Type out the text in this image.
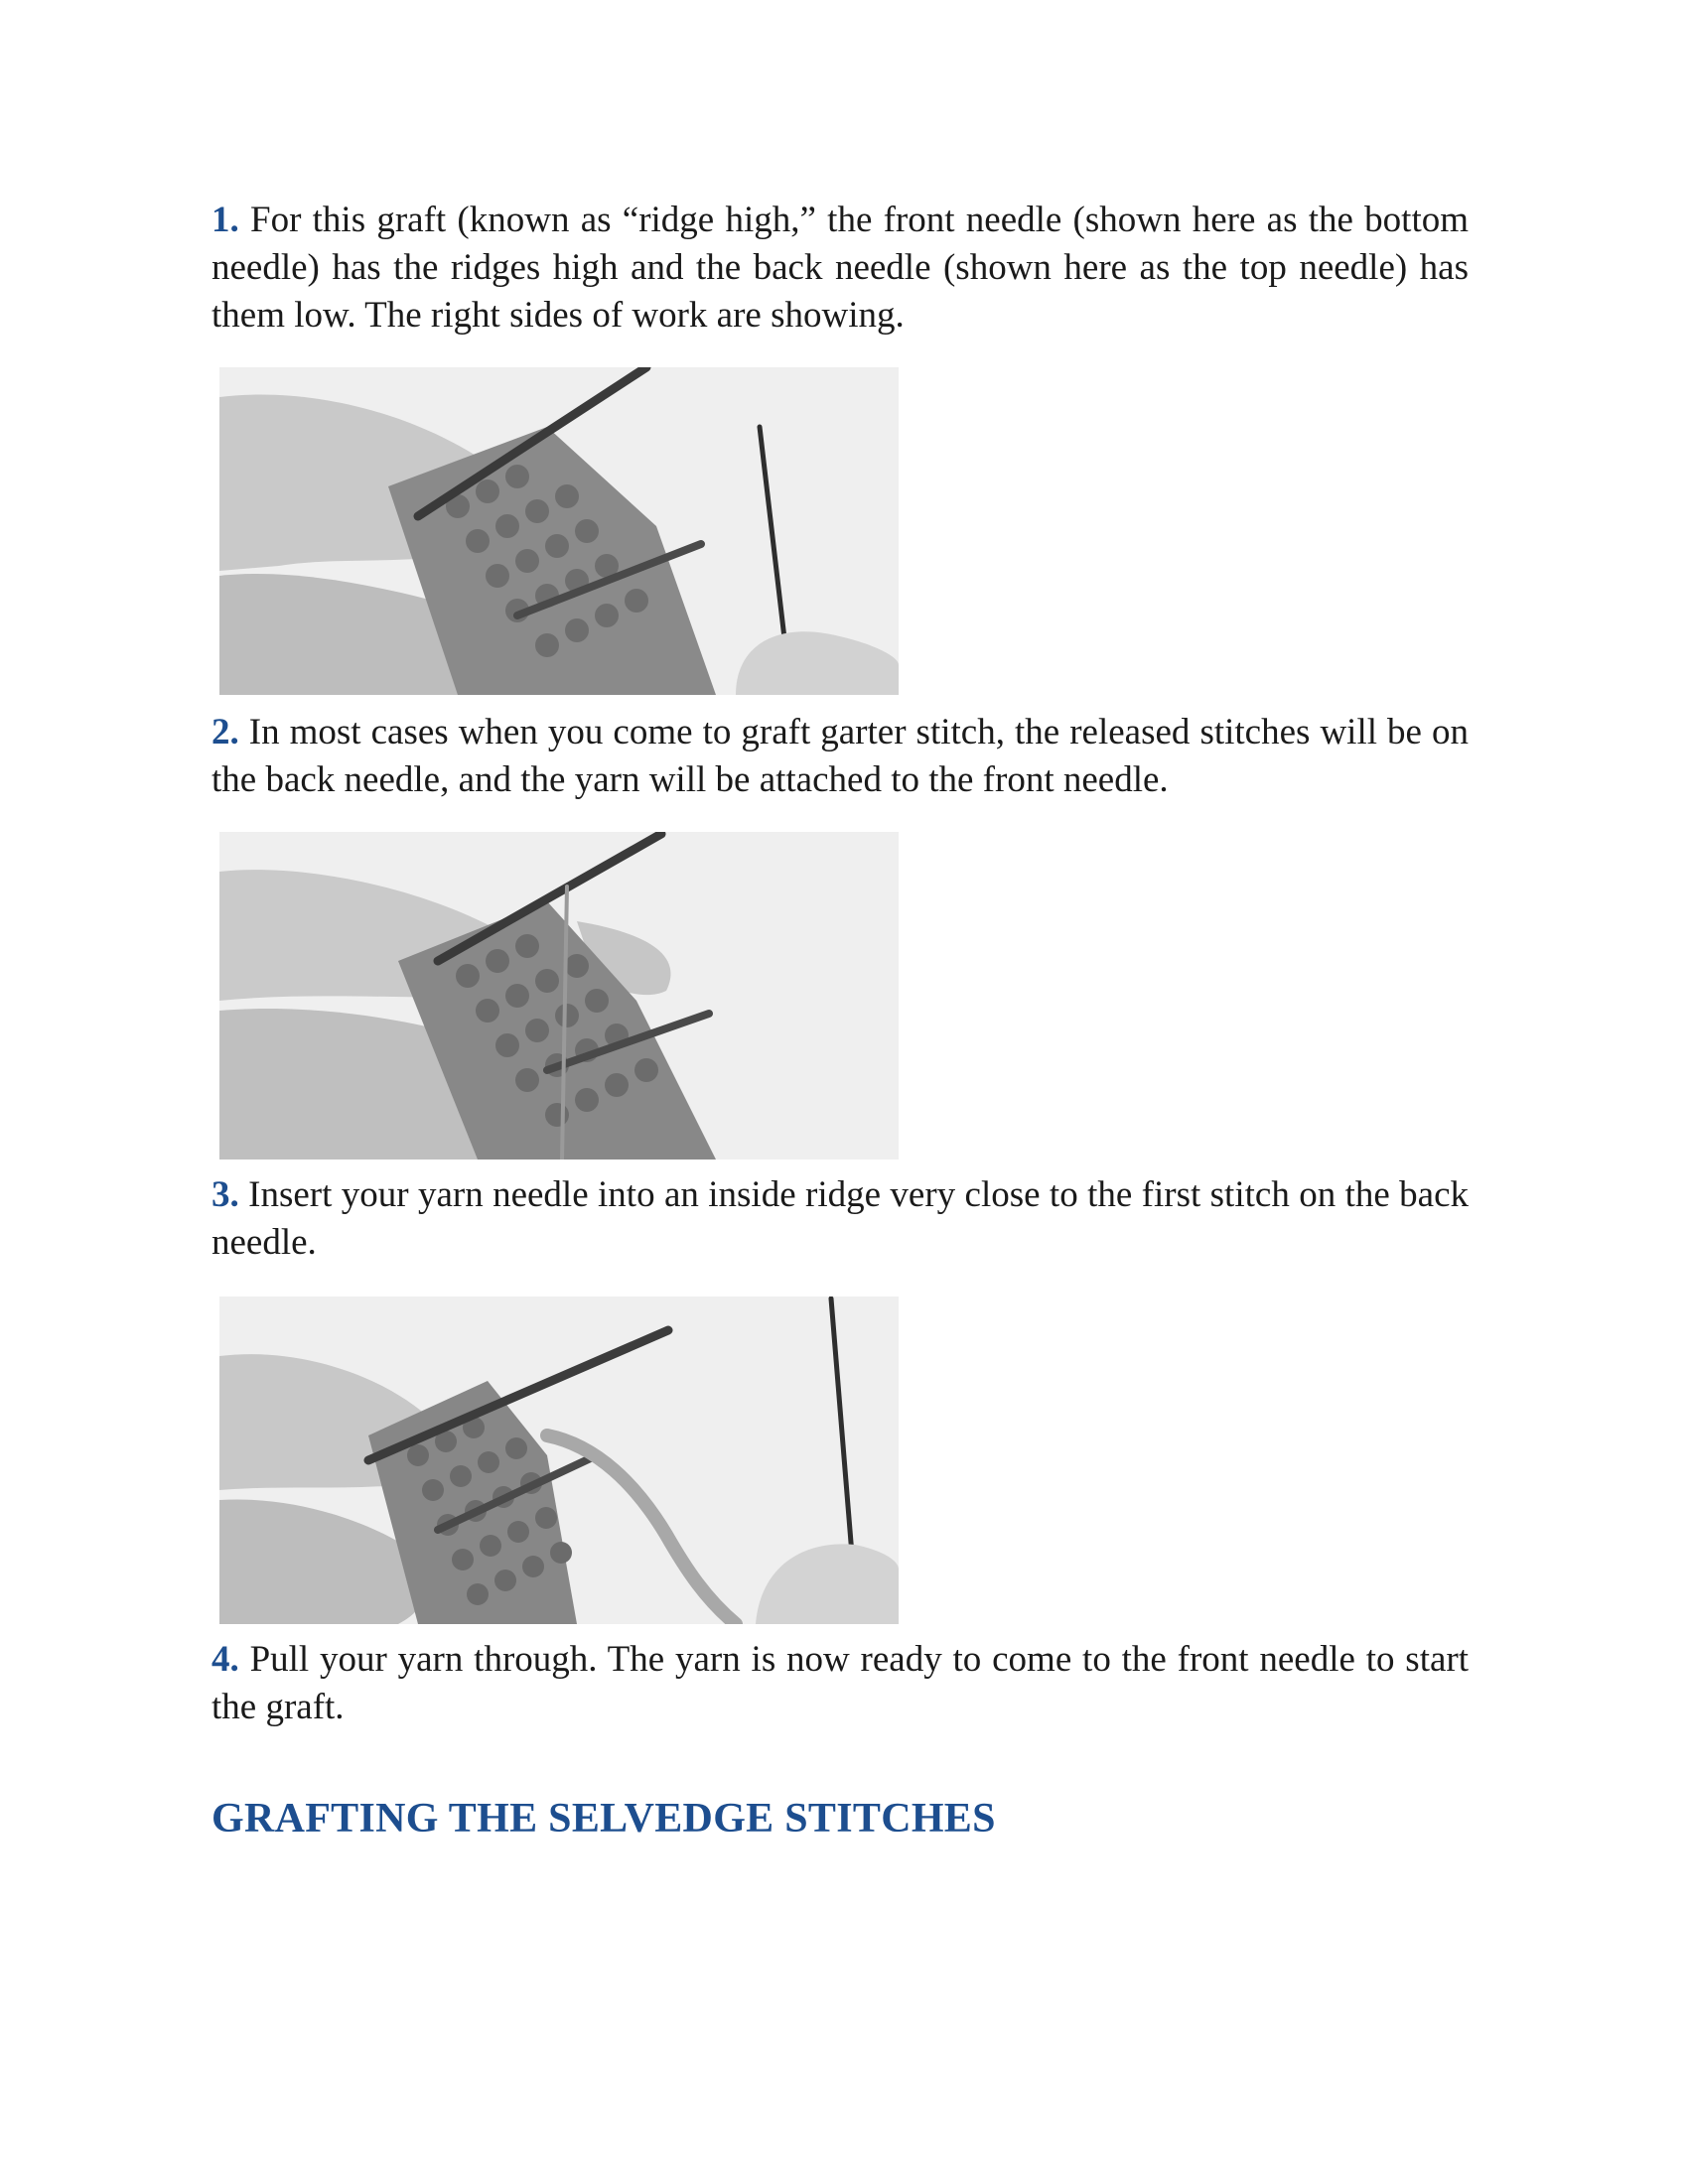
1. For this graft (known as “ridge high,” the front needle (shown here as the bottom needle) has the ridges high and the back needle (shown here as the top needle) has them low. The right sides of work are showing.

2. In most cases when you come to graft garter stitch, the released stitches will be on the back needle, and the yarn will be attached to the front needle.

3. Insert your yarn needle into an inside ridge very close to the first stitch on the back needle.

4. Pull your yarn through. The yarn is now ready to come to the front needle to start the graft.

GRAFTING THE SELVEDGE STITCHES
